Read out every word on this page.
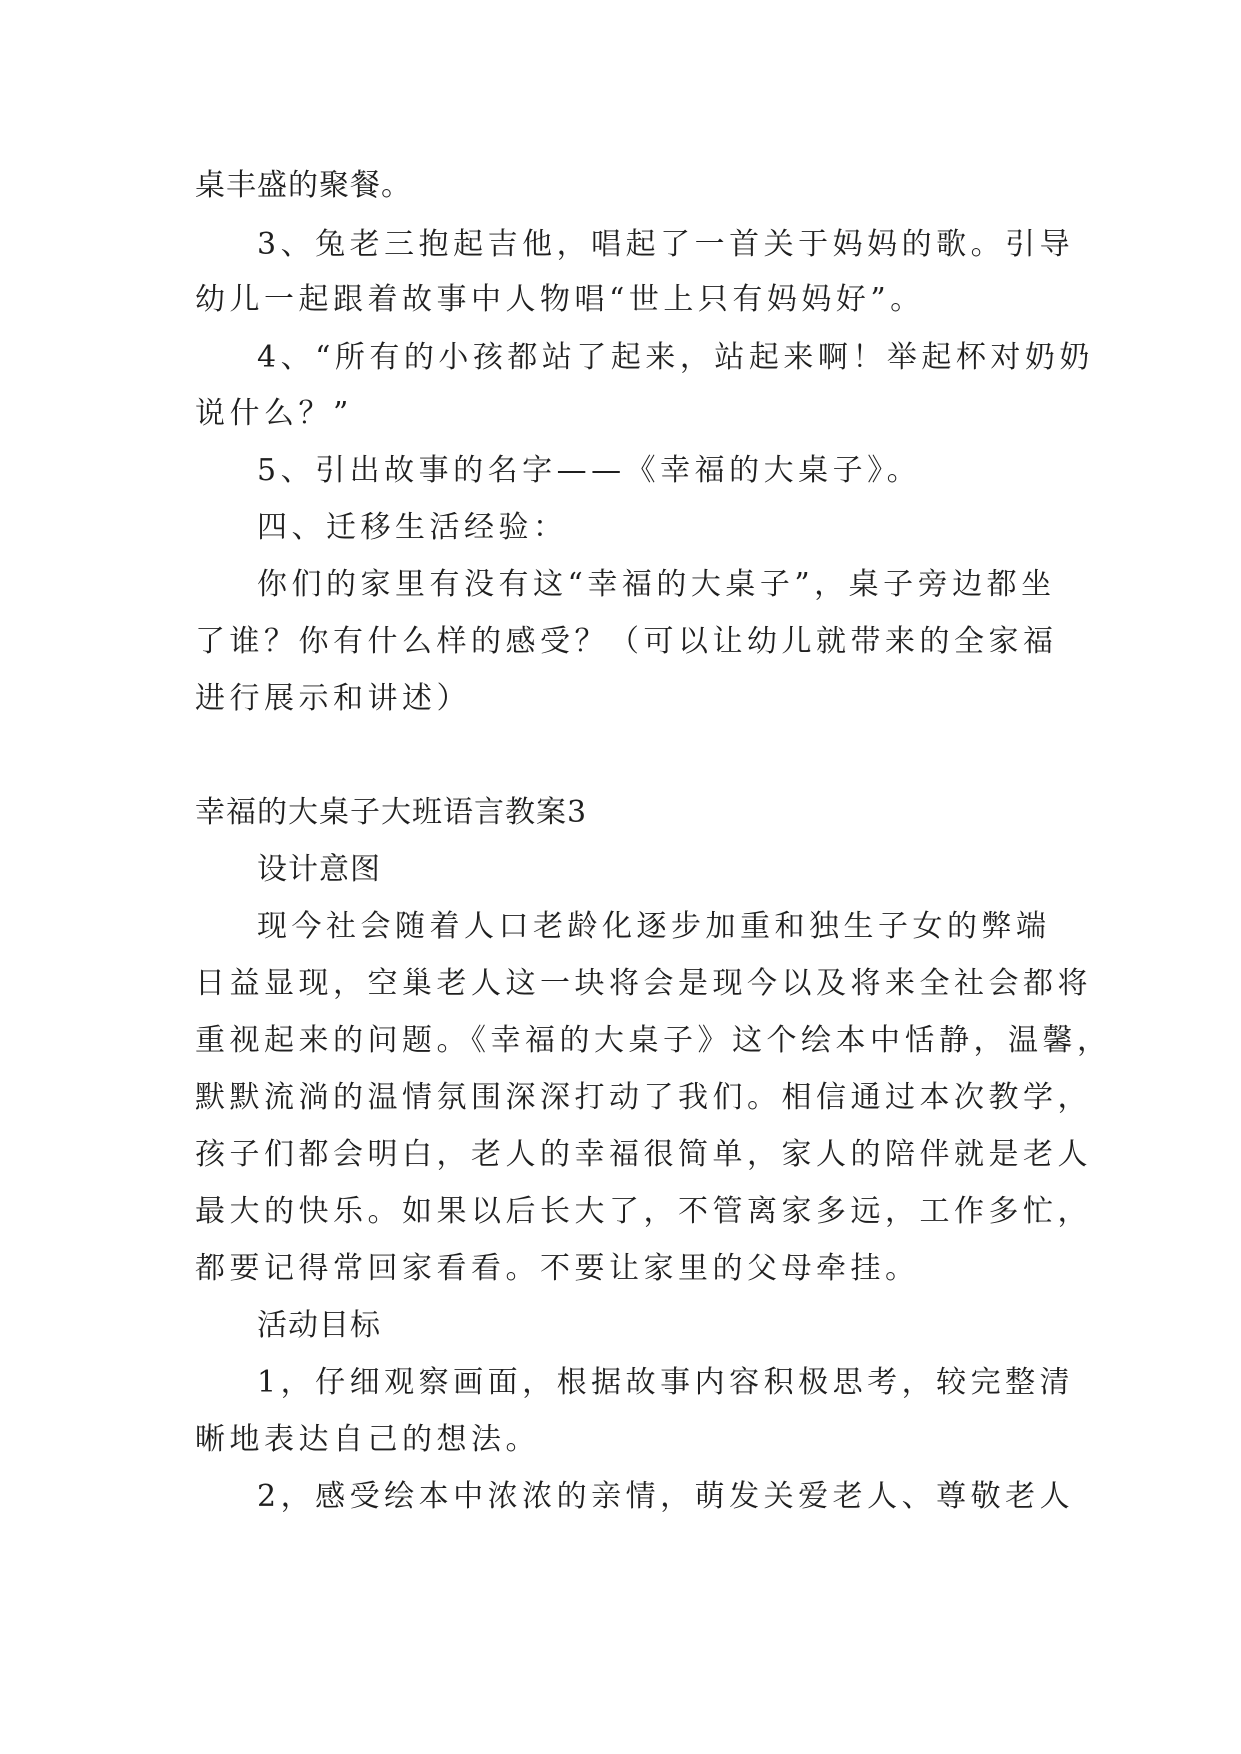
桌丰盛的聚餐。
3、兔老三抱起吉他，唱起了一首关于妈妈的歌。引导
幼儿一起跟着故事中人物唱“世上只有妈妈好”。
4、“所有的小孩都站了起来，站起来啊！举起杯对奶奶
说什么？”
5、引出故事的名字——《幸福的大桌子》。
四、迁移生活经验：
你们的家里有没有这“幸福的大桌子”，桌子旁边都坐
了谁？你有什么样的感受？（可以让幼儿就带来的全家福
进行展示和讲述）
幸福的大桌子大班语言教案3
设计意图
现今社会随着人口老龄化逐步加重和独生子女的弊端
日益显现，空巢老人这一块将会是现今以及将来全社会都将
重视起来的问题。《幸福的大桌子》这个绘本中恬静，温馨，
默默流淌的温情氛围深深打动了我们。相信通过本次教学，
孩子们都会明白，老人的幸福很简单，家人的陪伴就是老人
最大的快乐。如果以后长大了，不管离家多远，工作多忙，
都要记得常回家看看。不要让家里的父母牵挂。
活动目标
1，仔细观察画面，根据故事内容积极思考，较完整清
晰地表达自己的想法。
2，感受绘本中浓浓的亲情，萌发关爱老人、尊敬老人
